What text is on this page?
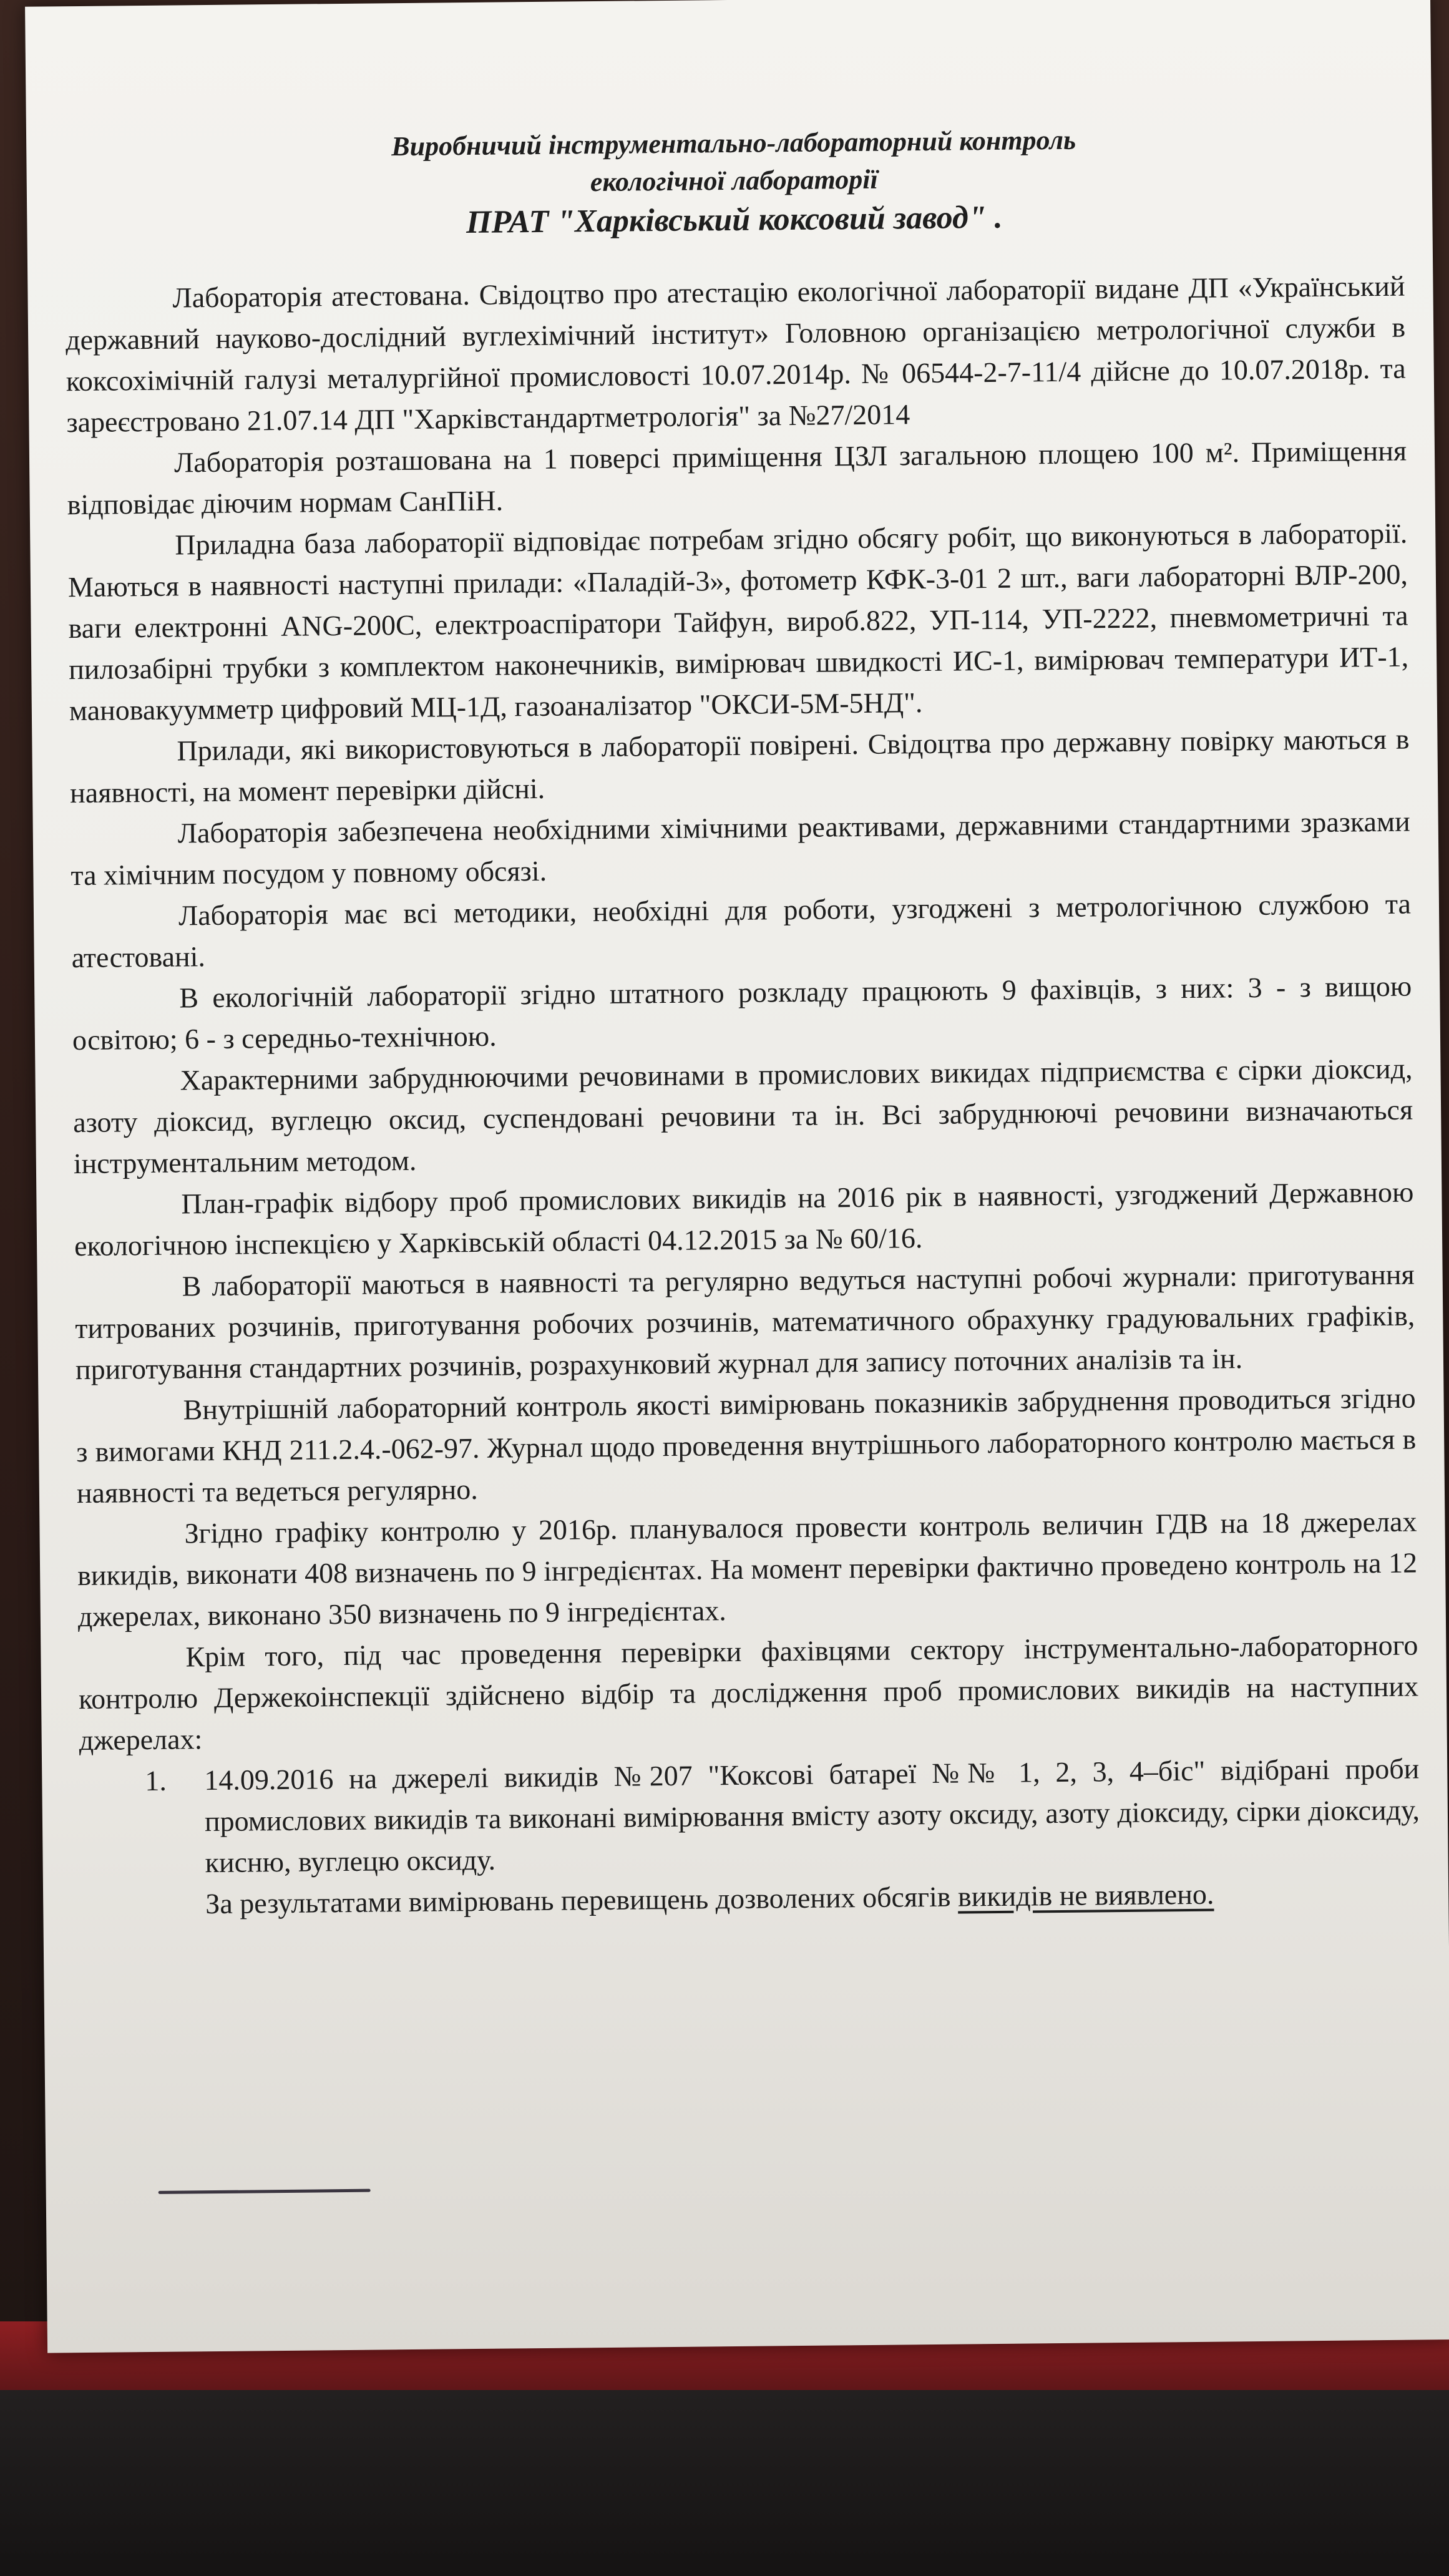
Виробничий інструментально-лабораторний контроль
екологічної лабораторії
ПРАТ "Харківський коксовий завод" .

Лабораторія атестована. Свідоцтво про атестацію екологічної лабораторії видане ДП «Український державний науково-дослідний вуглехімічний інститут» Головною організацією метрологічної служби в коксохімічній галузі металургійної промисловості 10.07.2014р. № 06544-2-7-11/4 дійсне до 10.07.2018р. та зареєстровано 21.07.14 ДП "Харківстандартметрологія" за №27/2014

Лабораторія розташована на 1 поверсі приміщення ЦЗЛ загальною площею 100 м². Приміщення відповідає діючим нормам СанПіН.

Приладна база лабораторії відповідає потребам згідно обсягу робіт, що виконуються в лабораторії. Маються в наявності наступні прилади: «Паладій-3», фотометр КФК-3-01 2 шт., ваги лабораторні ВЛР-200, ваги електронні ANG-200C, електроаспіратори Тайфун, вироб.822, УП-114, УП-2222, пневмометричні та пилозабірні трубки з комплектом наконечників, вимірювач швидкості ИС-1, вимірювач температури ИТ-1, мановакуумметр цифровий МЦ-1Д, газоаналізатор "ОКСИ-5М-5НД".

Прилади, які використовуються в лабораторії повірені. Свідоцтва про державну повірку маються в наявності, на момент перевірки дійсні.

Лабораторія забезпечена необхідними хімічними реактивами, державними стандартними зразками та хімічним посудом у повному обсязі.

Лабораторія має всі методики, необхідні для роботи, узгоджені з метрологічною службою та атестовані.

В екологічній лабораторії згідно штатного розкладу працюють 9 фахівців, з них: 3 - з вищою освітою; 6 - з середньо-технічною.

Характерними забруднюючими речовинами в промислових викидах підприємства є сірки діоксид, азоту діоксид, вуглецю оксид, суспендовані речовини та ін. Всі забруднюючі речовини визначаються інструментальним методом.

План-графік відбору проб промислових викидів на 2016 рік в наявності, узгоджений Державною екологічною інспекцією у Харківській області 04.12.2015 за № 60/16.

В лабораторії маються в наявності та регулярно ведуться наступні робочі журнали: приготування титрованих розчинів, приготування робочих розчинів, математичного обрахунку градуювальних графіків, приготування стандартних розчинів, розрахунковий журнал для запису поточних аналізів та ін.

Внутрішній лабораторний контроль якості вимірювань показників забруднення проводиться згідно з вимогами КНД 211.2.4.-062-97. Журнал щодо проведення внутрішнього лабораторного контролю мається в наявності та ведеться регулярно.

Згідно графіку контролю у 2016р. планувалося провести контроль величин ГДВ на 18 джерелах викидів, виконати 408 визначень по 9 інгредієнтах. На момент перевірки фактично проведено контроль на 12 джерелах, виконано 350 визначень по 9 інгредієнтах.

Крім того, під час проведення перевірки фахівцями сектору інструментально-лабораторного контролю Держекоінспекції здійснено відбір та дослідження проб промислових викидів на наступних джерелах:

1. 14.09.2016 на джерелі викидів №207 "Коксові батареї №№ 1, 2, 3, 4–біс" відібрані проби промислових викидів та виконані вимірювання вмісту азоту оксиду, азоту діоксиду, сірки діоксиду, кисню, вуглецю оксиду.
За результатами вимірювань перевищень дозволених обсягів викидів не виявлено.
